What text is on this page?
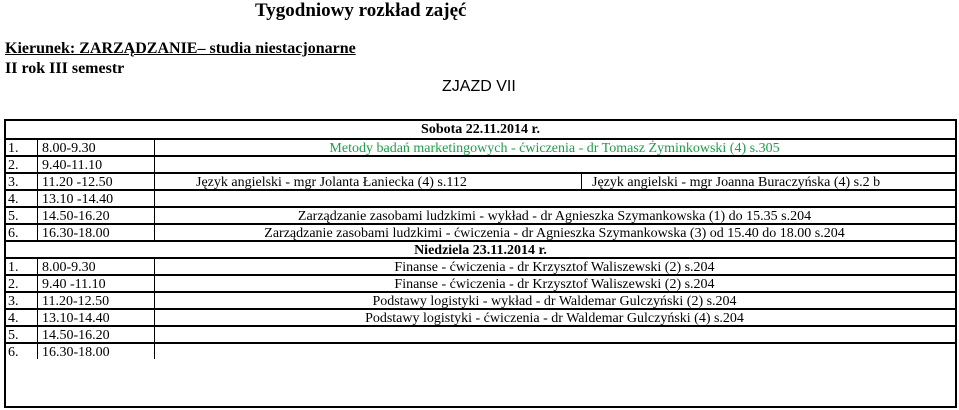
Tygodniowy rozkład zajęć
Kierunek: ZARZĄDZANIE– studia niestacjonarne
II rok III semestr
ZJAZD VII
Sobota 22.11.2014 r.
1. 8.00-9.30	Metody badań marketingowych - ćwiczenia - dr Tomasz Żyminkowski (4) s.305
2. 9.40-11.10
3. 11.20 -12.50	Język angielski - mgr Jolanta Łaniecka (4) s.112	Język angielski - mgr Joanna Buraczyńska (4) s.2 b
4. 13.10 -14.40
5. 14.50-16.20	Zarządzanie zasobami ludzkimi - wykład - dr Agnieszka Szymankowska (1) do 15.35 s.204
6. 16.30-18.00	Zarządzanie zasobami ludzkimi - ćwiczenia - dr Agnieszka Szymankowska (3) od 15.40 do 18.00 s.204
Niedziela 23.11.2014 r.
1. 8.00-9.30	Finanse - ćwiczenia - dr Krzysztof Waliszewski (2) s.204
2. 9.40 -11.10	Finanse - ćwiczenia - dr Krzysztof Waliszewski (2) s.204
3. 11.20-12.50	Podstawy logistyki - wykład - dr Waldemar Gulczyński (2) s.204
4. 13.10-14.40	Podstawy logistyki - ćwiczenia - dr Waldemar Gulczyński (4) s.204
5. 14.50-16.20
6. 16.30-18.00
